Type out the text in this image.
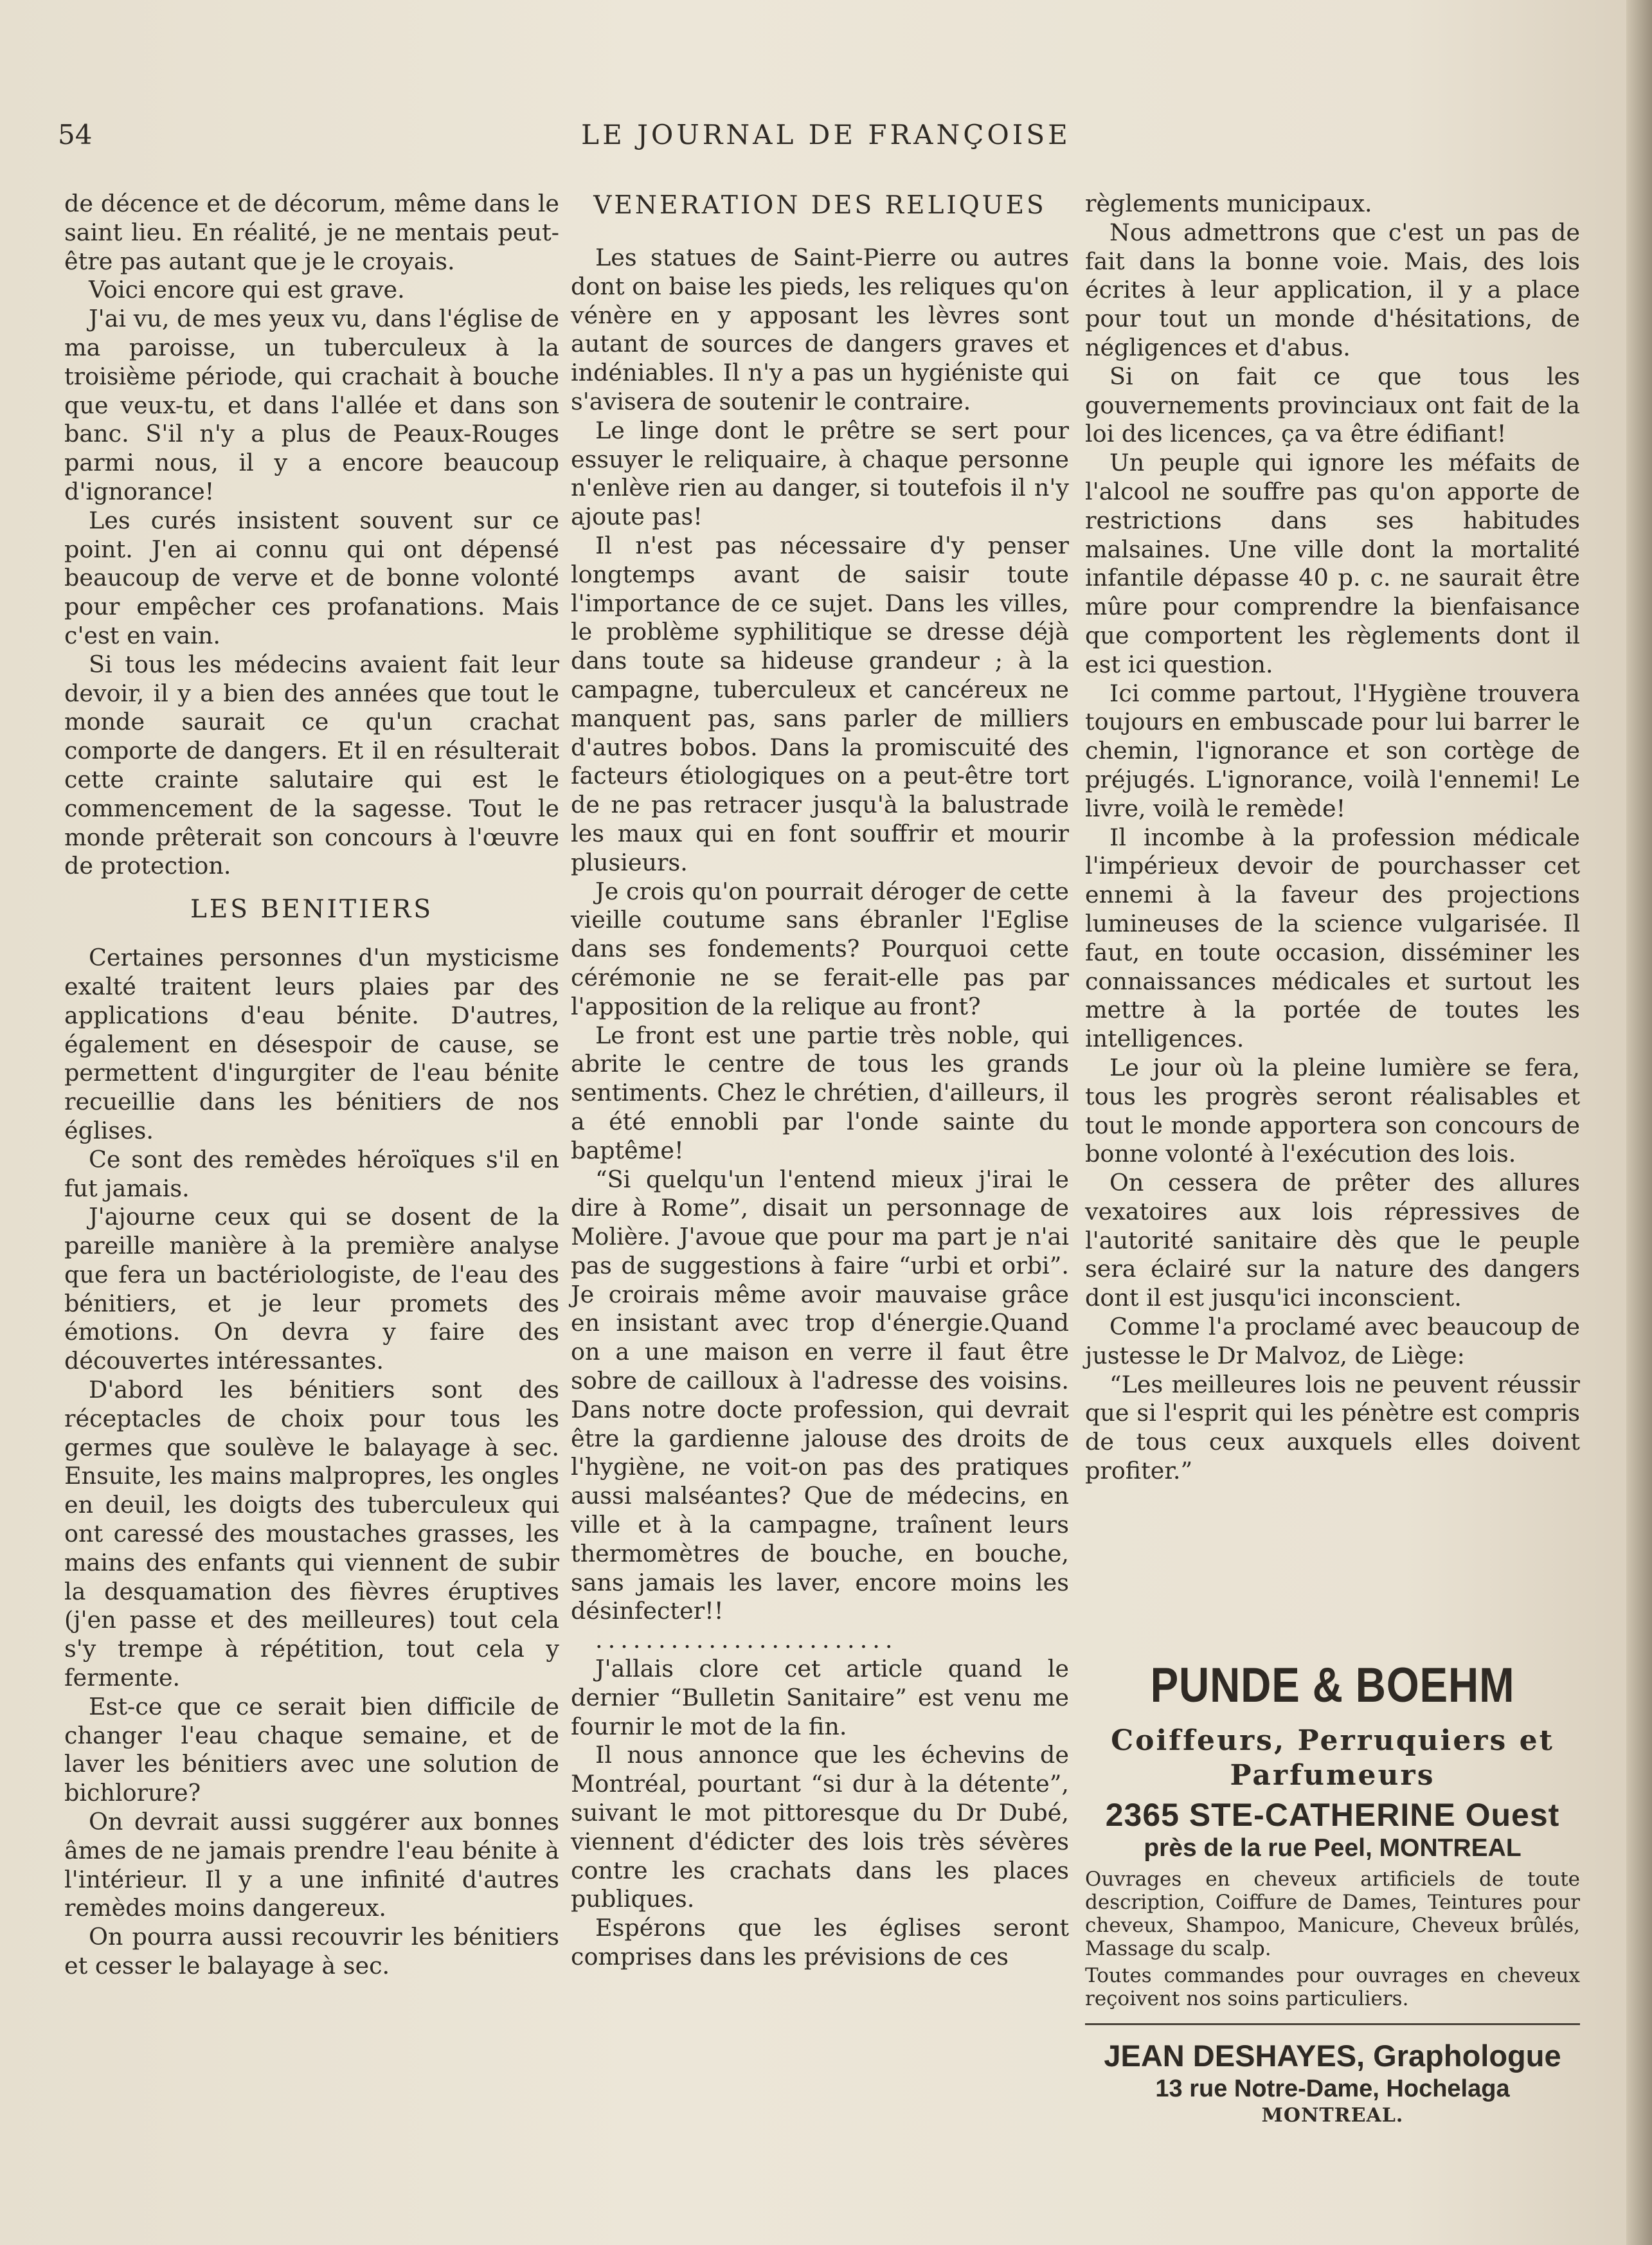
54	LE JOURNAL DE FRANÇOISE

de décence et de décorum, même dans le saint lieu. En réalité, je ne mentais peut-être pas autant que je le croyais.

Voici encore qui est grave.

J'ai vu, de mes yeux vu, dans l'église de ma paroisse, un tuberculeux à la troisième période, qui crachait à bouche que veux-tu, et dans l'allée et dans son banc. S'il n'y a plus de Peaux-Rouges parmi nous, il y a encore beaucoup d'ignorance!

Les curés insistent souvent sur ce point. J'en ai connu qui ont dépensé beaucoup de verve et de bonne volonté pour empêcher ces profanations. Mais c'est en vain.

Si tous les médecins avaient fait leur devoir, il y a bien des années que tout le monde saurait ce qu'un crachat comporte de dangers. Et il en résulterait cette crainte salutaire qui est le commencement de la sagesse. Tout le monde prêterait son concours à l'œuvre de protection.

LES BENITIERS

Certaines personnes d'un mysticisme exalté traitent leurs plaies par des applications d'eau bénite. D'autres, également en désespoir de cause, se permettent d'ingurgiter de l'eau bénite recueillie dans les bénitiers de nos églises.

Ce sont des remèdes héroïques s'il en fut jamais.

J'ajourne ceux qui se dosent de la pareille manière à la première analyse que fera un bactériologiste, de l'eau des bénitiers, et je leur promets des émotions. On devra y faire des découvertes intéressantes.

D'abord les bénitiers sont des réceptacles de choix pour tous les germes que soulève le balayage à sec. Ensuite, les mains malpropres, les ongles en deuil, les doigts des tuberculeux qui ont caressé des moustaches grasses, les mains des enfants qui viennent de subir la desquamation des fièvres éruptives (j'en passe et des meilleures) tout cela s'y trempe à répétition, tout cela y fermente.

Est-ce que ce serait bien difficile de changer l'eau chaque semaine, et de laver les bénitiers avec une solution de bichlorure?

On devrait aussi suggérer aux bonnes âmes de ne jamais prendre l'eau bénite à l'intérieur. Il y a une infinité d'autres remèdes moins dangereux.

On pourra aussi recouvrir les bénitiers et cesser le balayage à sec.

VENERATION DES RELIQUES

Les statues de Saint-Pierre ou autres dont on baise les pieds, les reliques qu'on vénère en y apposant les lèvres sont autant de sources de dangers graves et indéniables. Il n'y a pas un hygiéniste qui s'avisera de soutenir le contraire.

Le linge dont le prêtre se sert pour essuyer le reliquaire, à chaque personne n'enlève rien au danger, si toutefois il n'y ajoute pas!

Il n'est pas nécessaire d'y penser longtemps avant de saisir toute l'importance de ce sujet. Dans les villes, le problème syphilitique se dresse déjà dans toute sa hideuse grandeur ; à la campagne, tuberculeux et cancéreux ne manquent pas, sans parler de milliers d'autres bobos. Dans la promiscuité des facteurs étiologiques on a peut-être tort de ne pas retracer jusqu'à la balustrade les maux qui en font souffrir et mourir plusieurs.

Je crois qu'on pourrait déroger de cette vieille coutume sans ébranler l'Eglise dans ses fondements? Pourquoi cette cérémonie ne se ferait-elle pas par l'apposition de la relique au front?

Le front est une partie très noble, qui abrite le centre de tous les grands sentiments. Chez le chrétien, d'ailleurs, il a été ennobli par l'onde sainte du baptême!

“Si quelqu'un l'entend mieux j'irai le dire à Rome”, disait un personnage de Molière. J'avoue que pour ma part je n'ai pas de suggestions à faire “urbi et orbi”. Je croirais même avoir mauvaise grâce en insistant avec trop d'énergie.Quand on a une maison en verre il faut être sobre de cailloux à l'adresse des voisins. Dans notre docte profession, qui devrait être la gardienne jalouse des droits de l'hygiène, ne voit-on pas des pratiques aussi malséantes? Que de médecins, en ville et à la campagne, traînent leurs thermomètres de bouche, en bouche, sans jamais les laver, encore moins les désinfecter!!

........................

J'allais clore cet article quand le dernier “Bulletin Sanitaire” est venu me fournir le mot de la fin.

Il nous annonce que les échevins de Montréal, pourtant “si dur à la détente”, suivant le mot pittoresque du Dr Dubé, viennent d'édicter des lois très sévères contre les crachats dans les places publiques.

Espérons que les églises seront comprises dans les prévisions de ces

règlements municipaux.

Nous admettrons que c'est un pas de fait dans la bonne voie. Mais, des lois écrites à leur application, il y a place pour tout un monde d'hésitations, de négligences et d'abus.

Si on fait ce que tous les gouvernements provinciaux ont fait de la loi des licences, ça va être édifiant!

Un peuple qui ignore les méfaits de l'alcool ne souffre pas qu'on apporte de restrictions dans ses habitudes malsaines. Une ville dont la mortalité infantile dépasse 40 p. c. ne saurait être mûre pour comprendre la bienfaisance que comportent les règlements dont il est ici question.

Ici comme partout, l'Hygiène trouvera toujours en embuscade pour lui barrer le chemin, l'ignorance et son cortège de préjugés. L'ignorance, voilà l'ennemi! Le livre, voilà le remède!

Il incombe à la profession médicale l'impérieux devoir de pourchasser cet ennemi à la faveur des projections lumineuses de la science vulgarisée. Il faut, en toute occasion, disséminer les connaissances médicales et surtout les mettre à la portée de toutes les intelligences.

Le jour où la pleine lumière se fera, tous les progrès seront réalisables et tout le monde apportera son concours de bonne volonté à l'exécution des lois.

On cessera de prêter des allures vexatoires aux lois répressives de l'autorité sanitaire dès que le peuple sera éclairé sur la nature des dangers dont il est jusqu'ici inconscient.

Comme l'a proclamé avec beaucoup de justesse le Dr Malvoz, de Liège:

“Les meilleures lois ne peuvent réussir que si l'esprit qui les pénètre est compris de tous ceux auxquels elles doivent profiter.”

PUNDE & BOEHM
Coiffeurs, Perruquiers et Parfumeurs
2365 STE-CATHERINE Ouest
près de la rue Peel, MONTREAL
Ouvrages en cheveux artificiels de toute description, Coiffure de Dames, Teintures pour cheveux, Shampoo, Manicure, Cheveux brûlés, Massage du scalp.
Toutes commandes pour ouvrages en cheveux reçoivent nos soins particuliers.
JEAN DESHAYES, Graphologue
13 rue Notre-Dame, Hochelaga
MONTREAL.
